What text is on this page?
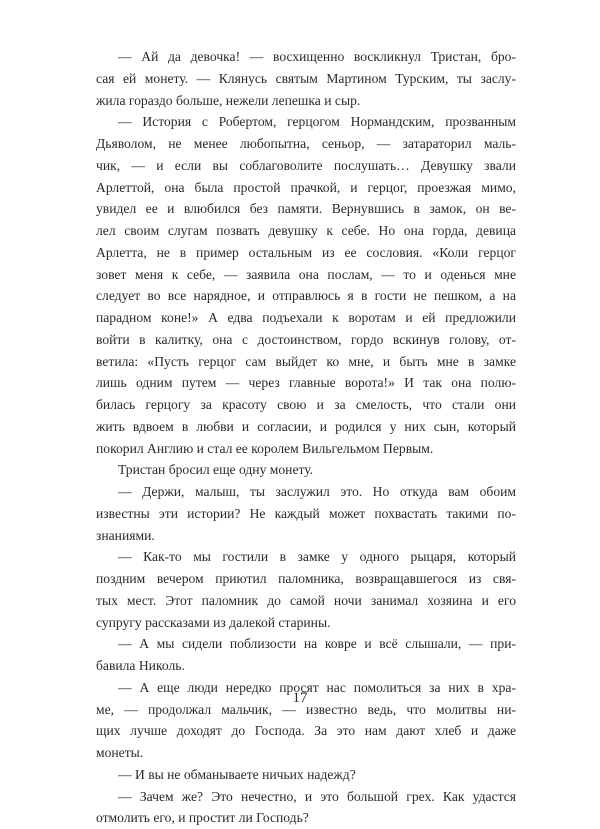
— Ай да девочка! — восхищенно воскликнул Тристан, бро-
сая ей монету. — Клянусь святым Мартином Турским, ты заслу-
жила гораздо больше, нежели лепешка и сыр.
— История с Робертом, герцогом Нормандским, прозванным
Дьяволом, не менее любопытна, сеньор, — затараторил маль-
чик, — и если вы соблаговолите послушать… Девушку звали
Арлеттой, она была простой прачкой, и герцог, проезжая мимо,
увидел ее и влюбился без памяти. Вернувшись в замок, он ве-
лел своим слугам позвать девушку к себе. Но она горда, девица
Арлетта, не в пример остальным из ее сословия. «Коли герцог
зовет меня к себе, — заявила она послам, — то и оденься мне
следует во все нарядное, и отправлюсь я в гости не пешком, а на
парадном коне!» А едва подъехали к воротам и ей предложили
войти в калитку, она с достоинством, гордо вскинув голову, от-
ветила: «Пусть герцог сам выйдет ко мне, и быть мне в замке
лишь одним путем — через главные ворота!» И так она полю-
билась герцогу за красоту свою и за смелость, что стали они
жить вдвоем в любви и согласии, и родился у них сын, который
покорил Англию и стал ее королем Вильгельмом Первым.
Тристан бросил еще одну монету.
— Держи, малыш, ты заслужил это. Но откуда вам обоим
известны эти истории? Не каждый может похвастать такими по-
знаниями.
— Как-то мы гостили в замке у одного рыцаря, который
поздним вечером приютил паломника, возвращавшегося из свя-
тых мест. Этот паломник до самой ночи занимал хозяина и его
супругу рассказами из далекой старины.
— А мы сидели поблизости на ковре и всё слышали, — при-
бавила Николь.
— А еще люди нередко просят нас помолиться за них в хра-
ме, — продолжал мальчик, — известно ведь, что молитвы ни-
щих лучше доходят до Господа. За это нам дают хлеб и даже
монеты.
— И вы не обманываете ничьих надежд?
— Зачем же? Это нечестно, и это большой грех. Как удастся
отмолить его, и простит ли Господь?
17
